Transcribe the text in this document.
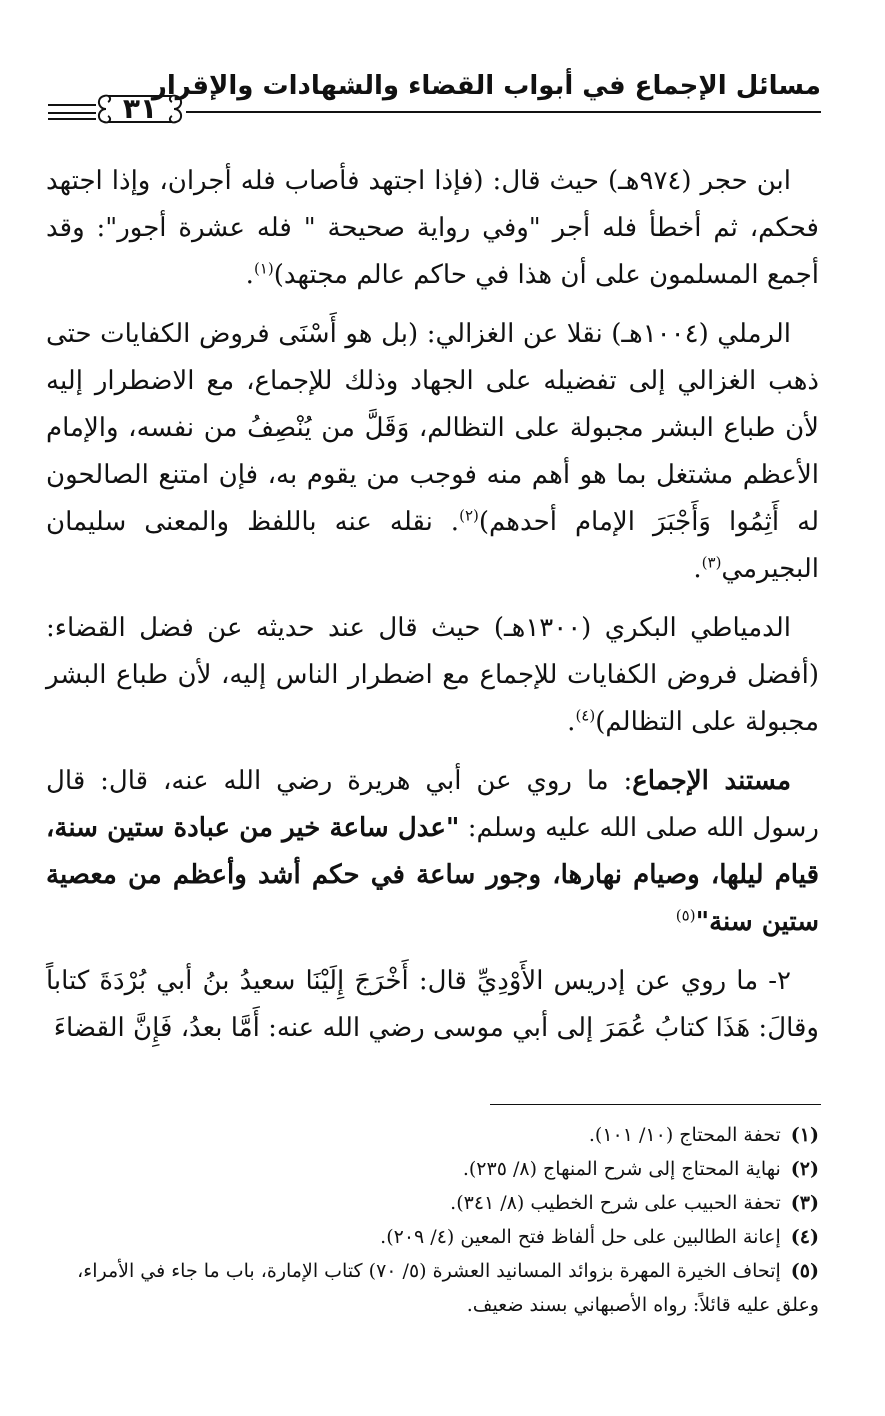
مسائل الإجماع في أبواب القضاء والشهادات والإقرار
٣١

ابن حجر (٩٧٤هـ) حيث قال: (فإذا اجتهد فأصاب فله أجران، وإذا اجتهد فحكم، ثم أخطأ فله أجر "وفي رواية صحيحة " فله عشرة أجور": وقد أجمع المسلمون على أن هذا في حاكم عالم مجتهد)$^{(١)}$.

الرملي (١٠٠٤هـ) نقلا عن الغزالي: (بل هو أَسْنَى فروض الكفايات حتى ذهب الغزالي إلى تفضيله على الجهاد وذلك للإجماع، مع الاضطرار إليه لأن طباع البشر مجبولة على التظالم، وَقَلَّ من يُنْصِفُ من نفسه، والإمام الأعظم مشتغل بما هو أهم منه فوجب من يقوم به، فإن امتنع الصالحون له أَثِمُوا وَأَجْبَرَ الإمام أحدهم)$^{(٢)}$. نقله عنه باللفظ والمعنى سليمان البجيرمي$^{(٣)}$.

الدمياطي البكري (١٣٠٠هـ) حيث قال عند حديثه عن فضل القضاء: (أفضل فروض الكفايات للإجماع مع اضطرار الناس إليه، لأن طباع البشر مجبولة على التظالم)$^{(٤)}$.

مستند الإجماع: ما روي عن أبي هريرة رضي الله عنه، قال: قال رسول الله صلى الله عليه وسلم: "عدل ساعة خير من عبادة ستين سنة، قيام ليلها، وصيام نهارها، وجور ساعة في حكم أشد وأعظم من معصية ستين سنة"$^{(٥)}$

٢- ما روي عن إدريس الأَوْدِيِّ قال: أَخْرَجَ إِلَيْنَا سعيدُ بنُ أبي بُرْدَةَ كتاباً وقالَ: هَذَا كتابُ عُمَرَ إلى أبي موسى رضي الله عنه: أَمَّا بعدُ، فَإِنَّ القضاءَ

(١)تحفة المحتاج (١٠/ ١٠١).

(٢)نهاية المحتاج إلى شرح المنهاج (٨/ ٢٣٥).

(٣)تحفة الحبيب على شرح الخطيب (٨/ ٣٤١).

(٤)إعانة الطالبين على حل ألفاظ فتح المعين (٤/ ٢٠٩).

(٥)إتحاف الخيرة المهرة بزوائد المسانيد العشرة (٥/ ٧٠) كتاب الإمارة، باب ما جاء في الأمراء، وعلق عليه قائلاً: رواه الأصبهاني بسند ضعيف.
